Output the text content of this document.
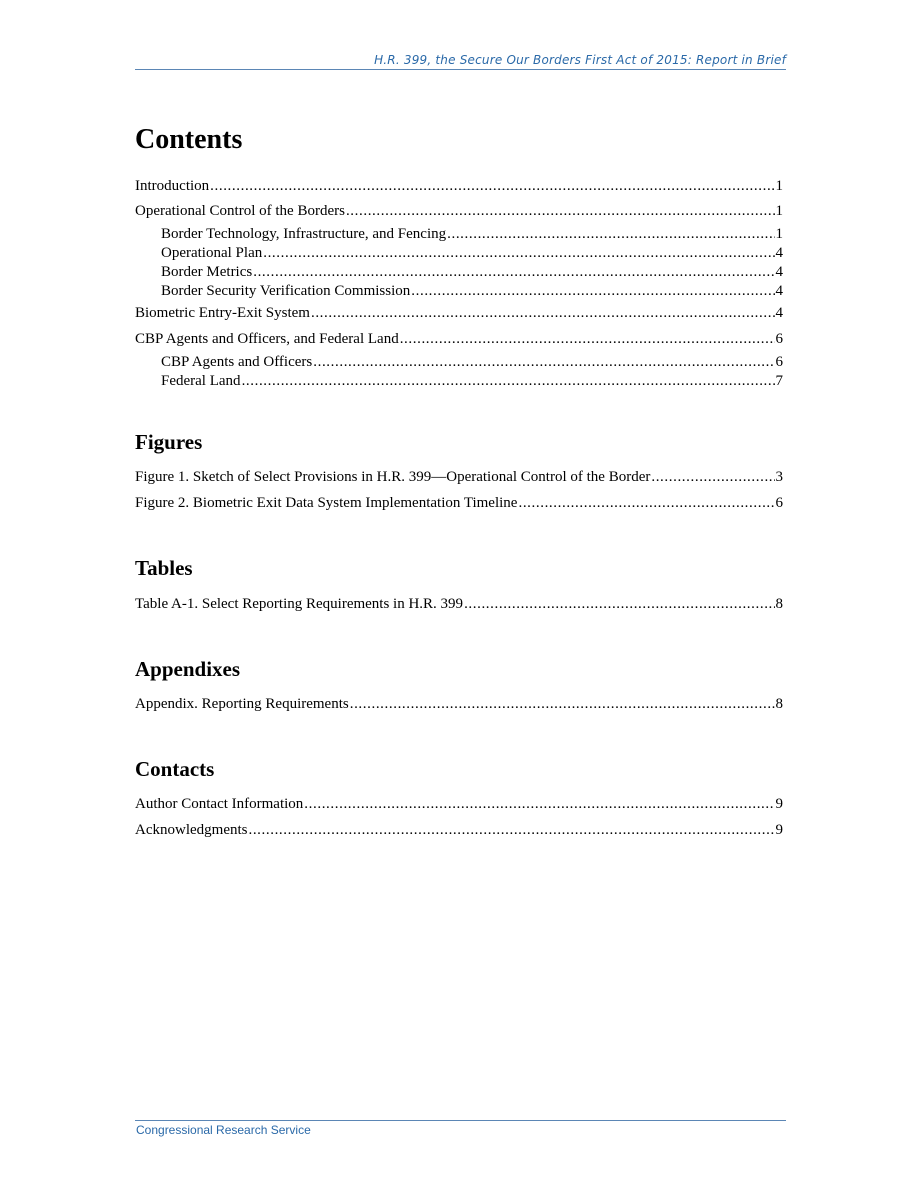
H.R. 399, the Secure Our Borders First Act of 2015: Report in Brief
Contents
Introduction .....	1
Operational Control of the Borders .....	1
Border Technology, Infrastructure, and Fencing .....	1
Operational Plan .....	4
Border Metrics .....	4
Border Security Verification Commission .....	4
Biometric Entry-Exit System .....	4
CBP Agents and Officers, and Federal Land .....	6
CBP Agents and Officers .....	6
Federal Land .....	7
Figures
Figure 1. Sketch of Select Provisions in H.R. 399—Operational Control of the Border .....	3
Figure 2. Biometric Exit Data System Implementation Timeline .....	6
Tables
Table A-1. Select Reporting Requirements in H.R. 399 .....	8
Appendixes
Appendix. Reporting Requirements .....	8
Contacts
Author Contact Information .....	9
Acknowledgments .....	9
Congressional Research Service
